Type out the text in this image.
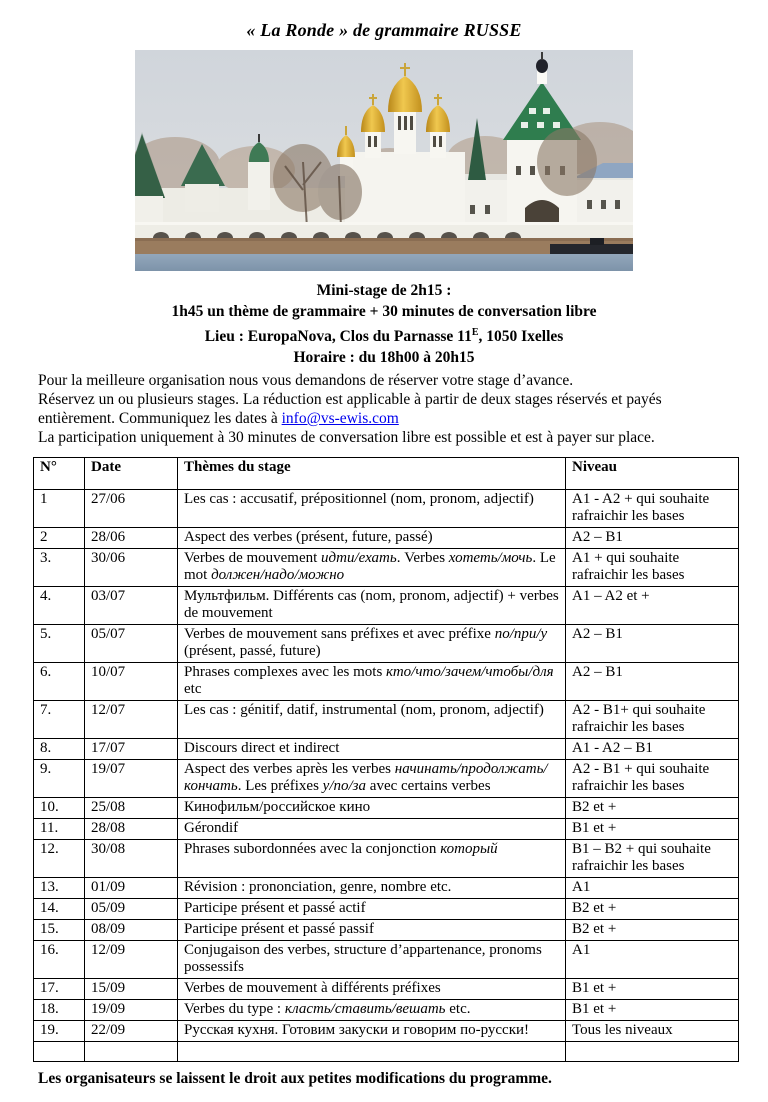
« La Ronde » de grammaire RUSSE
Mini-stage de 2h15 :
1h45 un thème de grammaire + 30 minutes de conversation libre
Lieu : EuropaNova, Clos du Parnasse $11^E$, 1050 Ixelles
Horaire : du 18h00 à 20h15

Pour la meilleure organisation nous vous demandons de réserver votre stage d’avance.

Réservez un ou plusieurs stages. La réduction est applicable à partir de deux stages réservés et payés entièrement. Communiquez les dates à info@vs-ewis.com

La participation uniquement à 30 minutes de conversation libre est possible et est à payer sur place.

N°	Date	Thèmes du stage	Niveau
1	27/06	Les cas : accusatif, prépositionnel (nom, pronom, adjectif)	A1 - A2 + qui souhaite rafraichir les bases
2	28/06	Aspect des verbes (présent, future, passé)	A2 – B1
3.	30/06	Verbes de mouvement идти/ехать. Verbes хотеть/мочь. Le mot должен/надо/можно	A1 + qui souhaite rafraichir les bases
4.	03/07	Мультфильм. Différents cas (nom, pronom, adjectif) + verbes de mouvement	A1 – A2 et +
5.	05/07	Verbes de mouvement sans préfixes et avec préfixe по/при/у (présent, passé, future)	A2 – B1
6.	10/07	Phrases complexes avec les mots кто/что/зачем/чтобы/для etc	A2 – B1
7.	12/07	Les cas : génitif, datif, instrumental (nom, pronom, adjectif)	A2 - B1+ qui souhaite rafraichir les bases
8.	17/07	Discours direct et indirect	A1 - A2 – B1
9.	19/07	Aspect des verbes après les verbes начинать/продолжать/кончать. Les préfixes у/по/за avec certains verbes	A2 - B1 + qui souhaite rafraichir les bases
10.	25/08	Кинофильм/российское кино	B2 et +
11.	28/08	Gérondif	B1 et +
12.	30/08	Phrases subordonnées avec la conjonction который	B1 – B2 + qui souhaite rafraichir les bases
13.	01/09	Révision : prononciation, genre, nombre etc.	A1
14.	05/09	Participe présent et passé actif	B2 et +
15.	08/09	Participe présent et passé passif	B2 et +
16.	12/09	Conjugaison des verbes, structure d’appartenance, pronoms possessifs	A1
17.	15/09	Verbes de mouvement à différents préfixes	B1 et +
18.	19/09	Verbes du type : класть/ставить/вешать etc.	B1 et +
19.	22/09	Русская кухня. Готовим закуски и говорим по-русски!	Tous les niveaux

Les organisateurs se laissent le droit aux petites modifications du programme.
